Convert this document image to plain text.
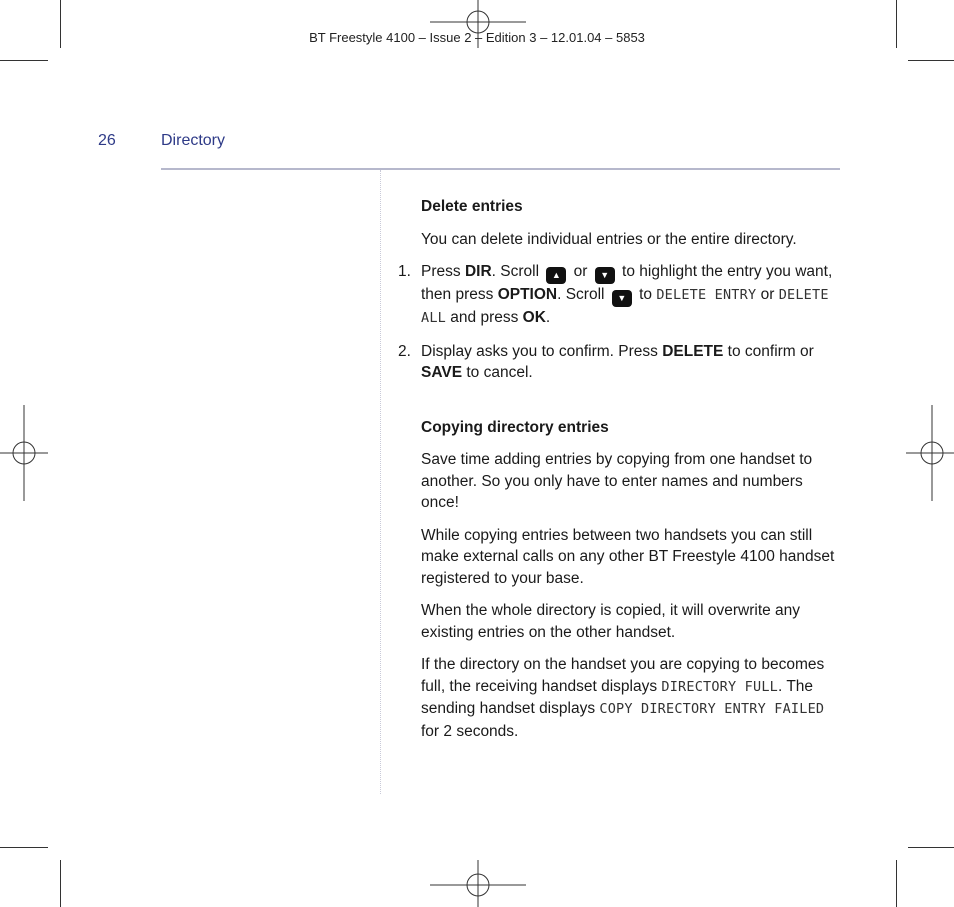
BT Freestyle 4100 – Issue 2 – Edition 3 – 12.01.04 – 5853
26	Directory
Delete entries

You can delete individual entries or the entire directory.

1. Press DIR. Scroll ▲ or ▼ to highlight the entry you want, then press OPTION. Scroll ▼ to DELETE ENTRY or DELETE ALL and press OK.
2. Display asks you to confirm. Press DELETE to confirm or SAVE to cancel.
Copying directory entries

Save time adding entries by copying from one handset to another. So you only have to enter names and numbers once!

While copying entries between two handsets you can still make external calls on any other BT Freestyle 4100 handset registered to your base.

When the whole directory is copied, it will overwrite any existing entries on the other handset.

If the directory on the handset you are copying to becomes full, the receiving handset displays DIRECTORY FULL. The sending handset displays COPY DIRECTORY ENTRY FAILED for 2 seconds.
